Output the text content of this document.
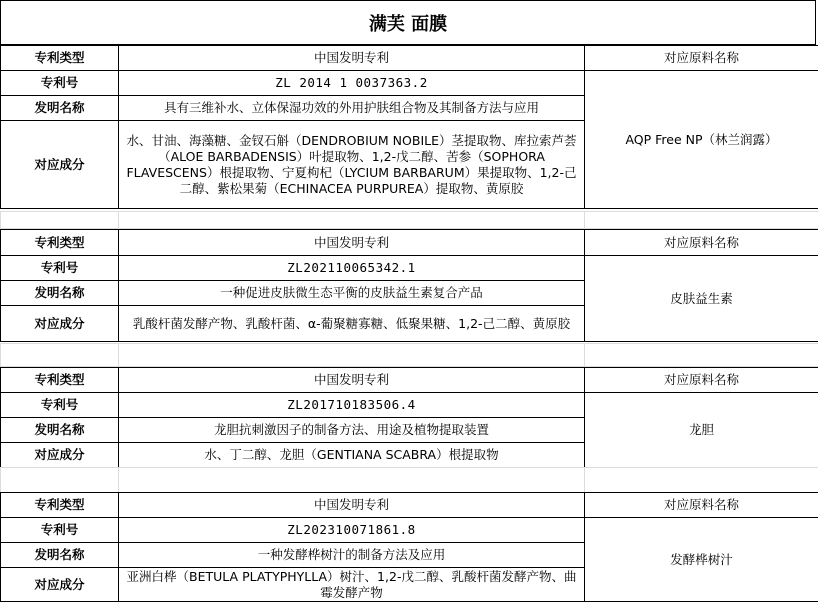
满芙 面膜
专利类型	中国发明专利	对应原料名称
专利号	ZL 2014 1 0037363.2	AQP Free NP（林兰润露）
发明名称	具有三维补水、立体保湿功效的外用护肤组合物及其制备方法与应用	
对应成分	水、甘油、海藻糖、金钗石斛（DENDROBIUM NOBILE）茎提取物、库拉索芦荟（ALOE BARBADENSIS）叶提取物、1,2-戊二醇、苦参（SOPHORA FLAVESCENS）根提取物、宁夏枸杞（LYCIUM BARBARUM）果提取物、1,2-己二醇、紫松果菊（ECHINACEA PURPUREA）提取物、黄原胶	

专利类型	中国发明专利	对应原料名称
专利号	ZL202110065342.1	皮肤益生素
发明名称	一种促进皮肤微生态平衡的皮肤益生素复合产品	
对应成分	乳酸杆菌发酵产物、乳酸杆菌、α-葡聚糖寡糖、低聚果糖、1,2-己二醇、黄原胶	

专利类型	中国发明专利	对应原料名称
专利号	ZL201710183506.4	龙胆
发明名称	龙胆抗刺激因子的制备方法、用途及植物提取装置	
对应成分	水、丁二醇、龙胆（GENTIANA SCABRA）根提取物	

专利类型	中国发明专利	对应原料名称
专利号	ZL202310071861.8	发酵桦树汁
发明名称	一种发酵桦树汁的制备方法及应用	
对应成分	亚洲白桦（BETULA PLATYPHYLLA）树汁、1,2-戊二醇、乳酸杆菌发酵产物、曲霉发酵产物	
